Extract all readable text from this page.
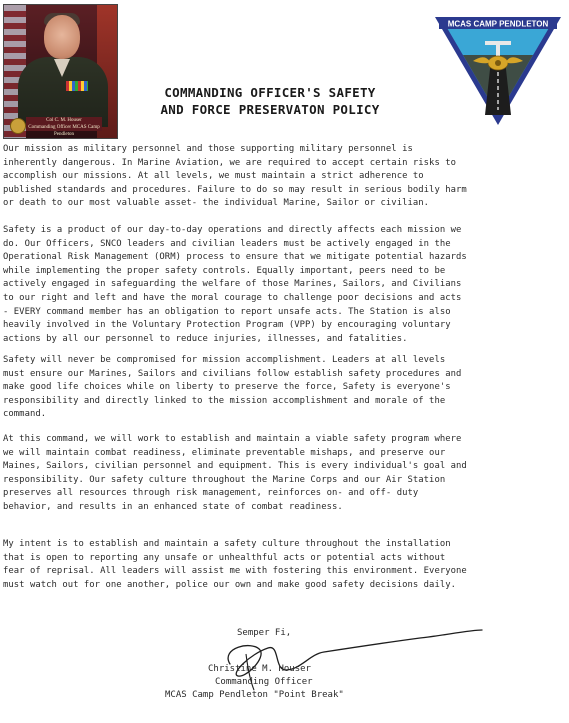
Col C. M. Houser
Commanding Officer MCAS Camp Pendleton
COMMANDING OFFICER'S SAFETY
AND FORCE PRESERVATON POLICY
MCAS CAMP PENDLETON
Our mission as military personnel and those supporting military personnel is
inherently dangerous. In Marine Aviation, we are required to accept certain risks to
accomplish our missions. At all levels, we must maintain a strict adherence to
published standards and procedures. Failure to do so may result in serious bodily harm
or death to our most valuable asset- the individual Marine, Sailor or civilian.
Safety is a product of our day-to-day operations and directly affects each mission we
do. Our Officers, SNCO leaders and civilian leaders must be actively engaged in the
Operational Risk Management (ORM) process to ensure that we mitigate potential hazards
while implementing the proper safety controls. Equally important, peers need to be
actively engaged in safeguarding the welfare of those Marines, Sailors, and Civilians
to our right and left and have the moral courage to challenge poor decisions and acts
- EVERY command member has an obligation to report unsafe acts. The Station is also
heavily involved in the Voluntary Protection Program (VPP) by encouraging voluntary
actions by all our personnel to reduce injuries, illnesses, and fatalities.
Safety will never be compromised for mission accomplishment. Leaders at all levels
must ensure our Marines, Sailors and civilians follow establish safety procedures and
make good life choices while on liberty to preserve the force, Safety is everyone's
responsibility and directly linked to the mission accomplishment and morale of the
command.
At this command, we will work to establish and maintain a viable safety program where
we will maintain combat readiness, eliminate preventable mishaps, and preserve our
Maines, Sailors, civilian personnel and equipment. This is every individual's goal and
responsibility. Our safety culture throughout the Marine Corps and our Air Station
preserves all resources through risk management, reinforces on- and off- duty
behavior, and results in an enhanced state of combat readiness.
My intent is to establish and maintain a safety culture throughout the installation
that is open to reporting any unsafe or unhealthful acts or potential acts without
fear of reprisal. All leaders will assist me with fostering this environment. Everyone
must watch out for one another, police our own and make good safety decisions daily.
Semper Fi,
Christine M. Houser
Commanding Officer
MCAS Camp Pendleton "Point Break"
